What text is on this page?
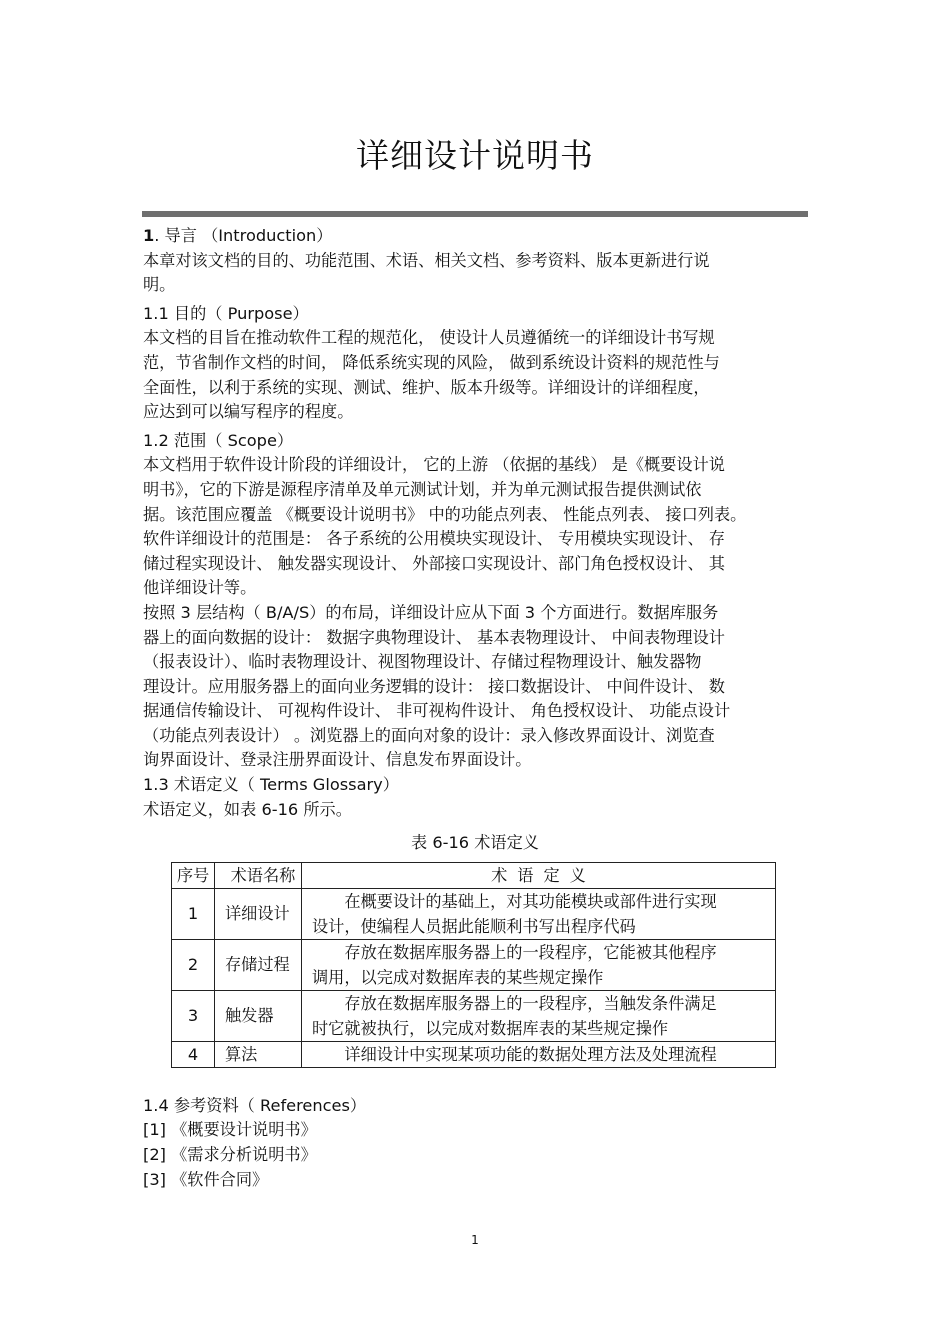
详细设计说明书

1. 导言 （Introduction）

本章对该文档的目的、功能范围、术语、相关文档、参考资料、版本更新进行说

明。

1.1 目的（ Purpose）

本文档的目旨在推动软件工程的规范化， 使设计人员遵循统一的详细设计书写规

范，节省制作文档的时间， 降低系统实现的风险， 做到系统设计资料的规范性与

全面性，以利于系统的实现、测试、维护、版本升级等。详细设计的详细程度，

应达到可以编写程序的程度。

1.2 范围（ Scope）

本文档用于软件设计阶段的详细设计， 它的上游 （依据的基线） 是《概要设计说

明书》，它的下游是源程序清单及单元测试计划，并为单元测试报告提供测试依

据。该范围应覆盖 《概要设计说明书》 中的功能点列表、 性能点列表、 接口列表。

软件详细设计的范围是： 各子系统的公用模块实现设计、 专用模块实现设计、 存

储过程实现设计、 触发器实现设计、 外部接口实现设计、部门角色授权设计、 其

他详细设计等。

按照 3 层结构（ B/A/S）的布局，详细设计应从下面 3 个方面进行。数据库服务

器上的面向数据的设计： 数据字典物理设计、 基本表物理设计、 中间表物理设计

（报表设计）、临时表物理设计、视图物理设计、存储过程物理设计、触发器物

理设计。应用服务器上的面向业务逻辑的设计： 接口数据设计、 中间件设计、 数

据通信传输设计、 可视构件设计、 非可视构件设计、 角色授权设计、 功能点设计

（功能点列表设计） 。浏览器上的面向对象的设计：录入修改界面设计、浏览查

询界面设计、登录注册界面设计、信息发布界面设计。

1.3 术语定义（ Terms Glossary）

术语定义，如表 6-16 所示。

表 6-16 术语定义

序号	术语名称	术语定义
1	详细设计	在概要设计的基础上，对其功能模块或部件进行实现
设计，使编程人员据此能顺利书写出程序代码
2	存储过程	存放在数据库服务器上的一段程序，它能被其他程序
调用，以完成对数据库表的某些规定操作
3	触发器	存放在数据库服务器上的一段程序，当触发条件满足
时它就被执行，以完成对数据库表的某些规定操作
4	算法	详细设计中实现某项功能的数据处理方法及处理流程

1.4 参考资料（ References）

[1] 《概要设计说明书》

[2] 《需求分析说明书》

[3] 《软件合同》

1
